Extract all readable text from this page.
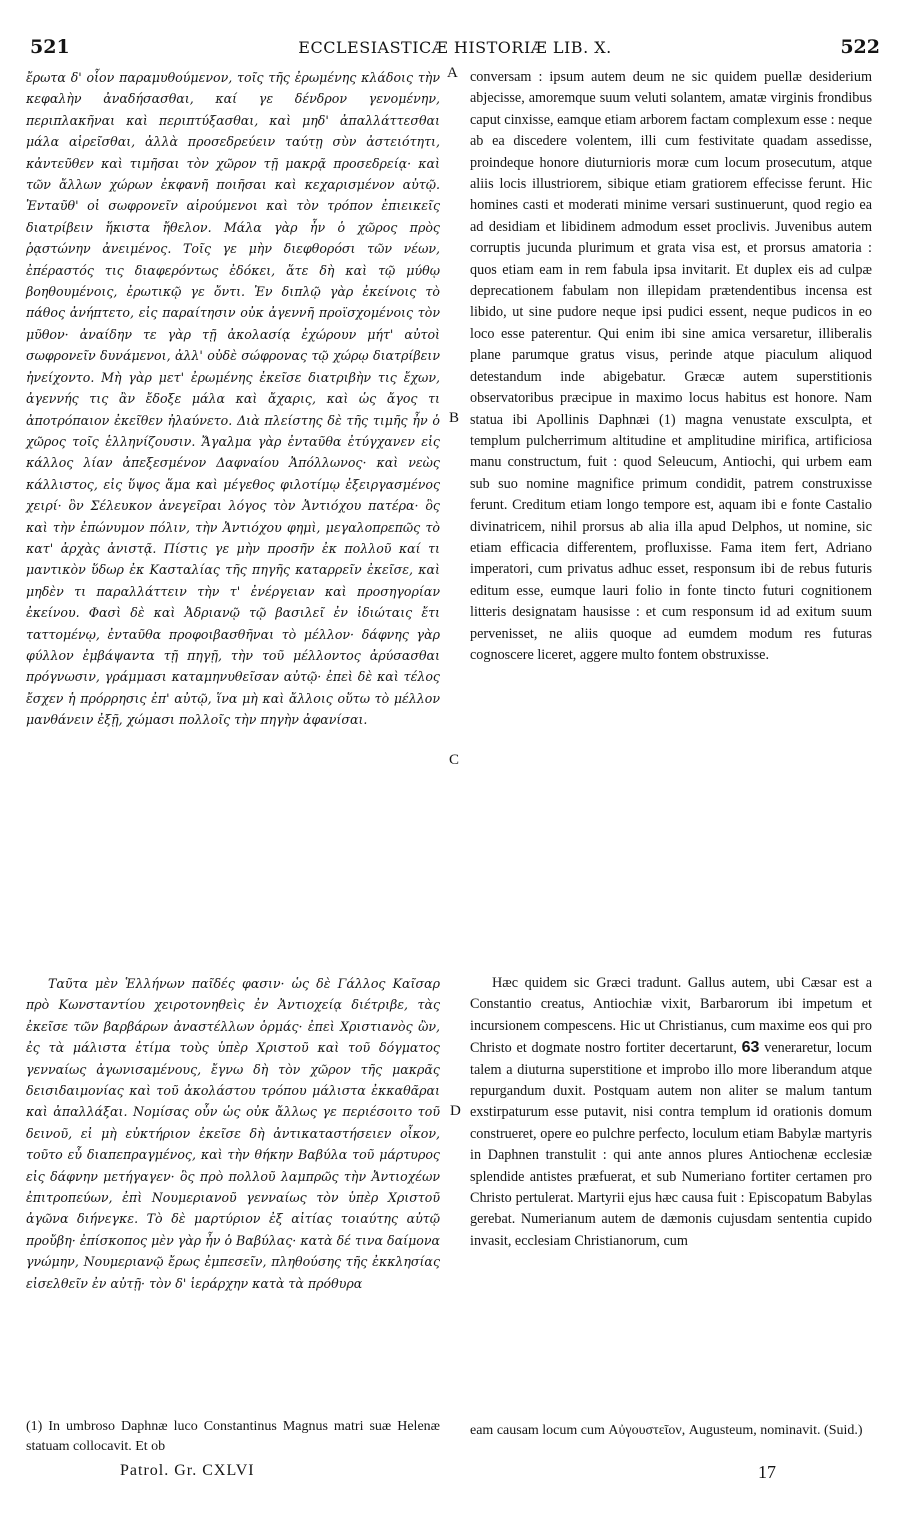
521	ECCLESIASTICÆ HISTORIÆ LIB. X.	522
A
B
C
D

ἔρωτα δ' οἷον παραμυθούμενον, τοῖς τῆς ἐρωμένης κλάδοις τὴν κεφαλὴν ἀναδήσασθαι, καί γε δένδρον γενομένην, περιπλακῆναι καὶ περιπτύξασθαι, καὶ μηδ' ἀπαλλάττεσθαι μάλα αἱρεῖσθαι, ἀλλὰ προσεδρεύειν ταύτῃ σὺν ἀστειότητι, κἀντεῦθεν καὶ τιμῆσαι τὸν χῶρον τῇ μακρᾷ προσεδρείᾳ· καὶ τῶν ἄλλων χώρων ἐκφανῆ ποιῆσαι καὶ κεχαρισμένον αὐτῷ. Ἐνταῦθ' οἱ σωφρονεῖν αἱρούμενοι καὶ τὸν τρόπον ἐπιεικεῖς διατρίβειν ἥκιστα ἤθελον. Μάλα γὰρ ἦν ὁ χῶρος πρὸς ῥᾳστώνην ἀνειμένος. Τοῖς γε μὴν διεφθορόσι τῶν νέων, ἐπέραστός τις διαφερόντως ἐδόκει, ἅτε δὴ καὶ τῷ μύθῳ βοηθουμένοις, ἐρωτικῷ γε ὄντι. Ἐν διπλῷ γὰρ ἐκείνοις τὸ πάθος ἀνήπτετο, εἰς παραίτησιν οὐκ ἀγεννῆ προϊσχομένοις τὸν μῦθον· ἀναίδην τε γὰρ τῇ ἀκολασίᾳ ἐχώρουν μήτ' αὐτοὶ σωφρονεῖν δυνάμενοι, ἀλλ' οὐδὲ σώφρονας τῷ χώρῳ διατρίβειν ἠνείχοντο. Μὴ γὰρ μετ' ἐρωμένης ἐκεῖσε διατριβὴν τις ἔχων, ἀγεννής τις ἂν ἔδοξε μάλα καὶ ἄχαρις, καὶ ὡς ἄγος τι ἀποτρόπαιον ἐκεῖθεν ἠλαύνετο. Διὰ πλείστης δὲ τῆς τιμῆς ἦν ὁ χῶρος τοῖς ἑλληνίζουσιν. Ἄγαλμα γὰρ ἐνταῦθα ἐτύγχανεν εἰς κάλλος λίαν ἀπεξεσμένον Δαφναίου Ἀπόλλωνος· καὶ νεὼς κάλλιστος, εἰς ὕψος ἅμα καὶ μέγεθος φιλοτίμῳ ἐξειργασμένος χειρί· ὃν Σέλευκον ἀνεγεῖραι λόγος τὸν Ἀντιόχου πατέρα· ὃς καὶ τὴν ἐπώνυμον πόλιν, τὴν Ἀντιόχου φημὶ, μεγαλοπρεπῶς τὸ κατ' ἀρχὰς ἀνιστᾷ. Πίστις γε μὴν προσῆν ἐκ πολλοῦ καί τι μαντικὸν ὕδωρ ἐκ Κασταλίας τῆς πηγῆς καταρρεῖν ἐκεῖσε, καὶ μηδὲν τι παραλλάττειν τὴν τ' ἐνέργειαν καὶ προσηγορίαν ἐκείνου. Φασὶ δὲ καὶ Ἀδριανῷ τῷ βασιλεῖ ἐν ἰδιώταις ἔτι ταττομένῳ, ἐνταῦθα προφοιβασθῆναι τὸ μέλλον· δάφνης γὰρ φύλλον ἐμβάψαντα τῇ πηγῇ, τὴν τοῦ μέλλοντος ἀρύσασθαι πρόγνωσιν, γράμμασι καταμηνυθεῖσαν αὐτῷ· ἐπεὶ δὲ καὶ τέλος ἔσχεν ἡ πρόρρησις ἐπ' αὐτῷ, ἵνα μὴ καὶ ἄλλοις οὕτω τὸ μέλλον μανθάνειν ἐξῇ, χώμασι πολλοῖς τὴν πηγὴν ἀφανίσαι.

Ταῦτα μὲν Ἑλλήνων παῖδές φασιν· ὡς δὲ Γάλλος Καῖσαρ πρὸ Κωνσταντίου χειροτονηθεὶς ἐν Ἀντιοχείᾳ διέτριβε, τὰς ἐκεῖσε τῶν βαρβάρων ἀναστέλλων ὁρμάς· ἐπεὶ Χριστιανὸς ὢν, ἐς τὰ μάλιστα ἐτίμα τοὺς ὑπὲρ Χριστοῦ καὶ τοῦ δόγματος γενναίως ἀγωνισαμένους, ἔγνω δὴ τὸν χῶρον τῆς μακρᾶς δεισιδαιμονίας καὶ τοῦ ἀκολάστου τρόπου μάλιστα ἐκκαθᾶραι καὶ ἀπαλλάξαι. Νομίσας οὖν ὡς οὐκ ἄλλως γε περιέσοιτο τοῦ δεινοῦ, εἰ μὴ εὐκτήριον ἐκεῖσε δὴ ἀντικαταστήσειεν οἶκον, τοῦτο εὖ διαπεπραγμένος, καὶ τὴν θήκην Βαβύλα τοῦ μάρτυρος εἰς δάφνην μετήγαγεν· ὃς πρὸ πολλοῦ λαμπρῶς τὴν Ἀντιοχέων ἐπιτροπεύων, ἐπὶ Νουμεριανοῦ γενναίως τὸν ὑπὲρ Χριστοῦ ἀγῶνα διήνεγκε. Τὸ δὲ μαρτύριον ἐξ αἰτίας τοιαύτης αὐτῷ προὔβη· ἐπίσκοπος μὲν γὰρ ἦν ὁ Βαβύλας· κατὰ δέ τινα δαίμονα γνώμην, Νουμεριανῷ ἔρως ἐμπεσεῖν, πληθούσης τῆς ἐκκλησίας εἰσελθεῖν ἐν αὐτῇ· τὸν δ' ἱεράρχην κατὰ τὰ πρόθυρα

conversam : ipsum autem deum ne sic quidem puellæ desiderium abjecisse, amoremque suum veluti solantem, amatæ virginis frondibus caput cinxisse, eamque etiam arborem factam complexum esse : neque ab ea discedere volentem, illi cum festivitate quadam assedisse, proindeque honore diuturnioris moræ cum locum prosecutum, atque aliis locis illustriorem, sibique etiam gratiorem effecisse ferunt. Hic homines casti et moderati minime versari sustinuerunt, quod regio ea ad desidiam et libidinem admodum esset proclivis. Juvenibus autem corruptis jucunda plurimum et grata visa est, et prorsus amatoria : quos etiam eam in rem fabula ipsa invitarit. Et duplex eis ad culpæ deprecationem fabulam non illepidam prætendentibus incensa est libido, ut sine pudore neque ipsi pudici essent, neque pudicos in eo loco esse paterentur. Qui enim ibi sine amica versaretur, illiberalis plane parumque gratus visus, perinde atque piaculum aliquod detestandum inde abigebatur. Græcæ autem superstitionis observatoribus præcipue in maximo locus habitus est honore. Nam statua ibi Apollinis Daphnæi (1) magna venustate exsculpta, et templum pulcherrimum altitudine et amplitudine mirifica, artificiosa manu constructum, fuit : quod Seleucum, Antiochi, qui urbem eam sub suo nomine magnifice primum condidit, patrem construxisse ferunt. Creditum etiam longo tempore est, aquam ibi e fonte Castalio divinatricem, nihil prorsus ab alia illa apud Delphos, ut nomine, sic etiam efficacia differentem, profluxisse. Fama item fert, Adriano imperatori, cum privatus adhuc esset, responsum ibi de rebus futuris editum esse, eumque lauri folio in fonte tincto futuri cognitionem litteris designatam hausisse : et cum responsum id ad exitum suum pervenisset, ne aliis quoque ad eumdem modum res futuras cognoscere liceret, aggere multo fontem obstruxisse.

Hæc quidem sic Græci tradunt. Gallus autem, ubi Cæsar est a Constantio creatus, Antiochiæ vixit, Barbarorum ibi impetum et incursionem compescens. Hic ut Christianus, cum maxime eos qui pro Christo et dogmate nostro fortiter decertarunt, 63 veneraretur, locum talem a diuturna superstitione et improbo illo more liberandum atque repurgandum duxit. Postquam autem non aliter se malum tantum exstirpaturum esse putavit, nisi contra templum id orationis domum construeret, opere eo pulchre perfecto, loculum etiam Babylæ martyris in Daphnen transtulit : qui ante annos plures Antiochenæ ecclesiæ splendide antistes præfuerat, et sub Numeriano fortiter certamen pro Christo pertulerat. Martyrii ejus hæc causa fuit : Episcopatum Babylas gerebat. Numerianum autem de dæmonis cujusdam sententia cupido invasit, ecclesiam Christianorum, cum

(1) In umbroso Daphnæ luco Constantinus Magnus matri suæ Helenæ statuam collocavit. Et ob

eam causam locum cum Αὐγουστεῖον, Augusteum, nominavit. (Suid.)

Patrol. Gr. CXLVI	17
